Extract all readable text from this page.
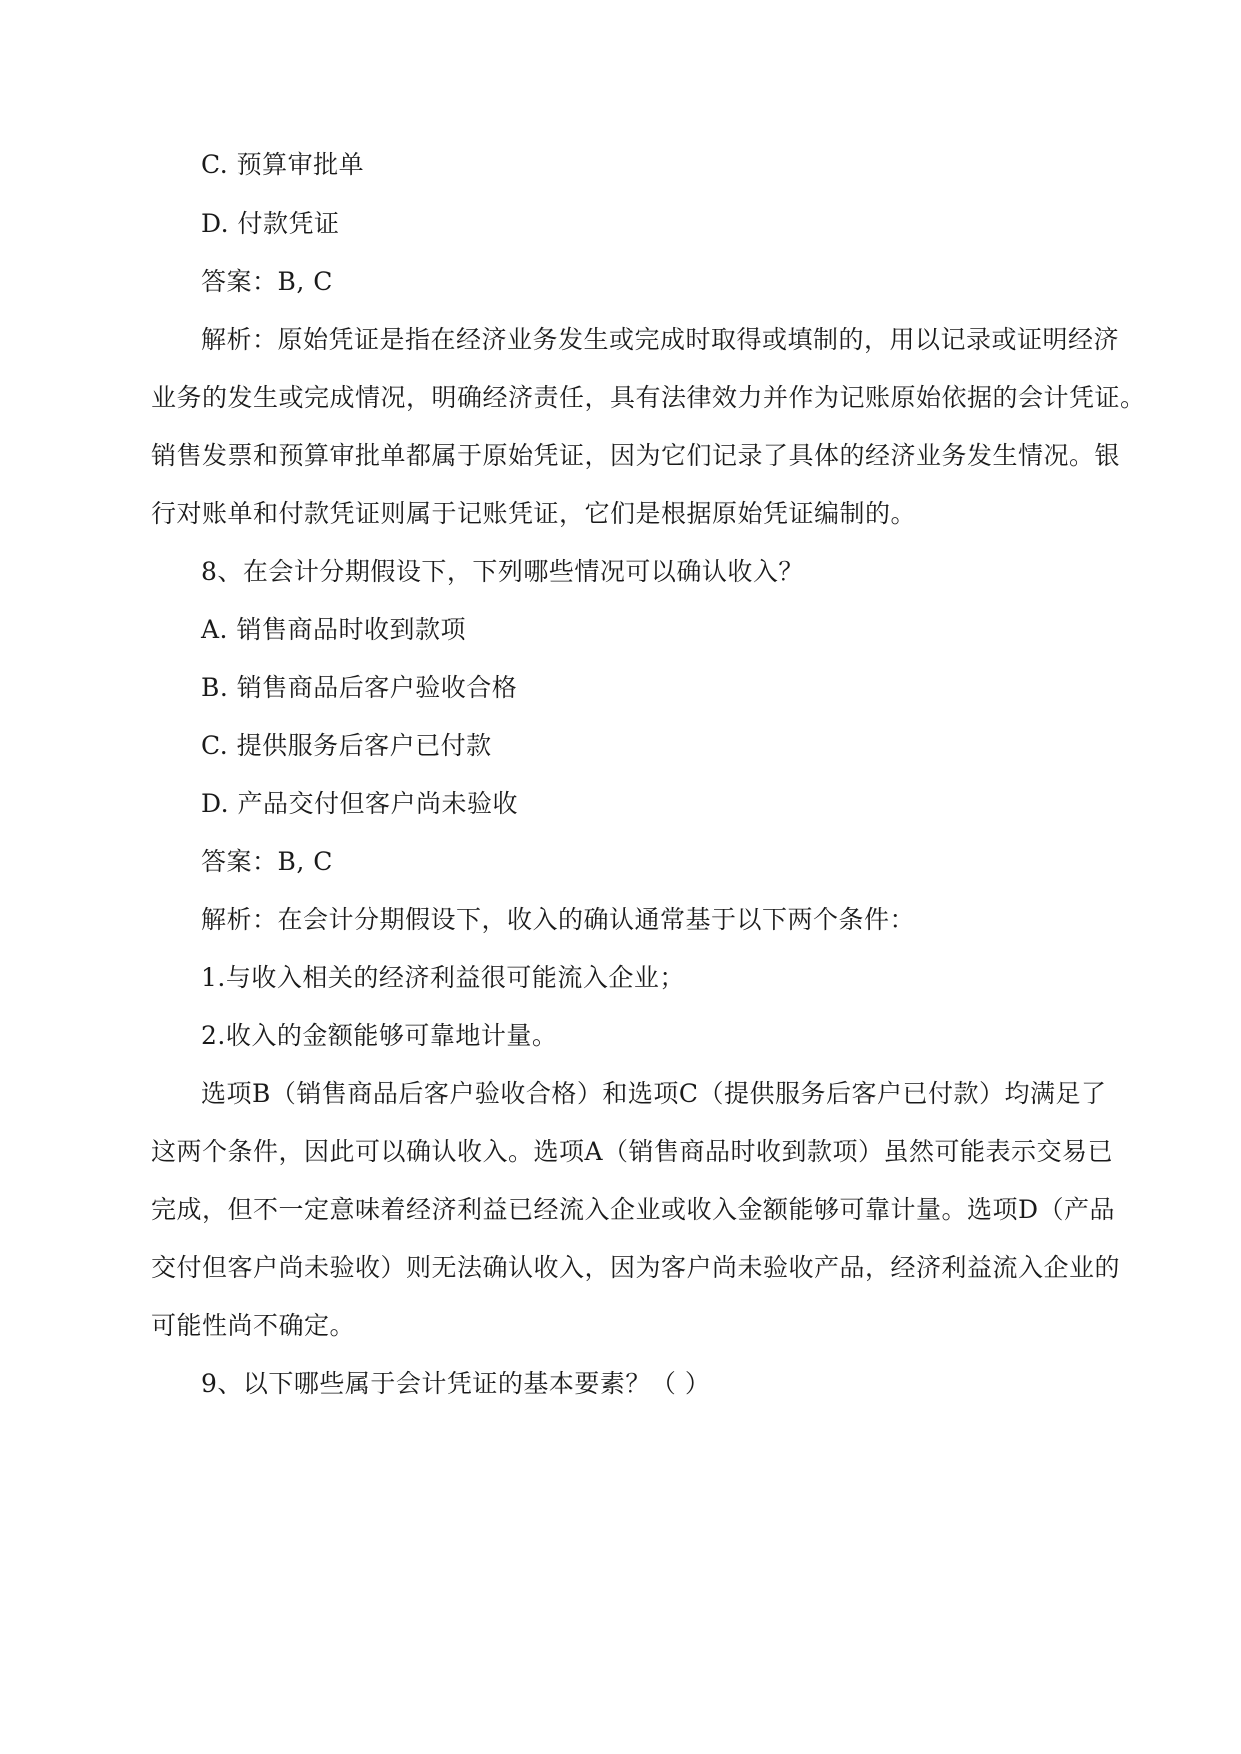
C. 预算审批单
D. 付款凭证
答案：B, C
解析：原始凭证是指在经济业务发生或完成时取得或填制的，用以记录或证明经济
业务的发生或完成情况，明确经济责任，具有法律效力并作为记账原始依据的会计凭证。
销售发票和预算审批单都属于原始凭证，因为它们记录了具体的经济业务发生情况。银
行对账单和付款凭证则属于记账凭证，它们是根据原始凭证编制的。
8、在会计分期假设下，下列哪些情况可以确认收入？
A. 销售商品时收到款项
B. 销售商品后客户验收合格
C. 提供服务后客户已付款
D. 产品交付但客户尚未验收
答案：B, C
解析：在会计分期假设下，收入的确认通常基于以下两个条件：
1.与收入相关的经济利益很可能流入企业；
2.收入的金额能够可靠地计量。
选项B（销售商品后客户验收合格）和选项C（提供服务后客户已付款）均满足了
这两个条件，因此可以确认收入。选项A（销售商品时收到款项）虽然可能表示交易已
完成，但不一定意味着经济利益已经流入企业或收入金额能够可靠计量。选项D（产品
交付但客户尚未验收）则无法确认收入，因为客户尚未验收产品，经济利益流入企业的
可能性尚不确定。
9、以下哪些属于会计凭证的基本要素？（ ）
